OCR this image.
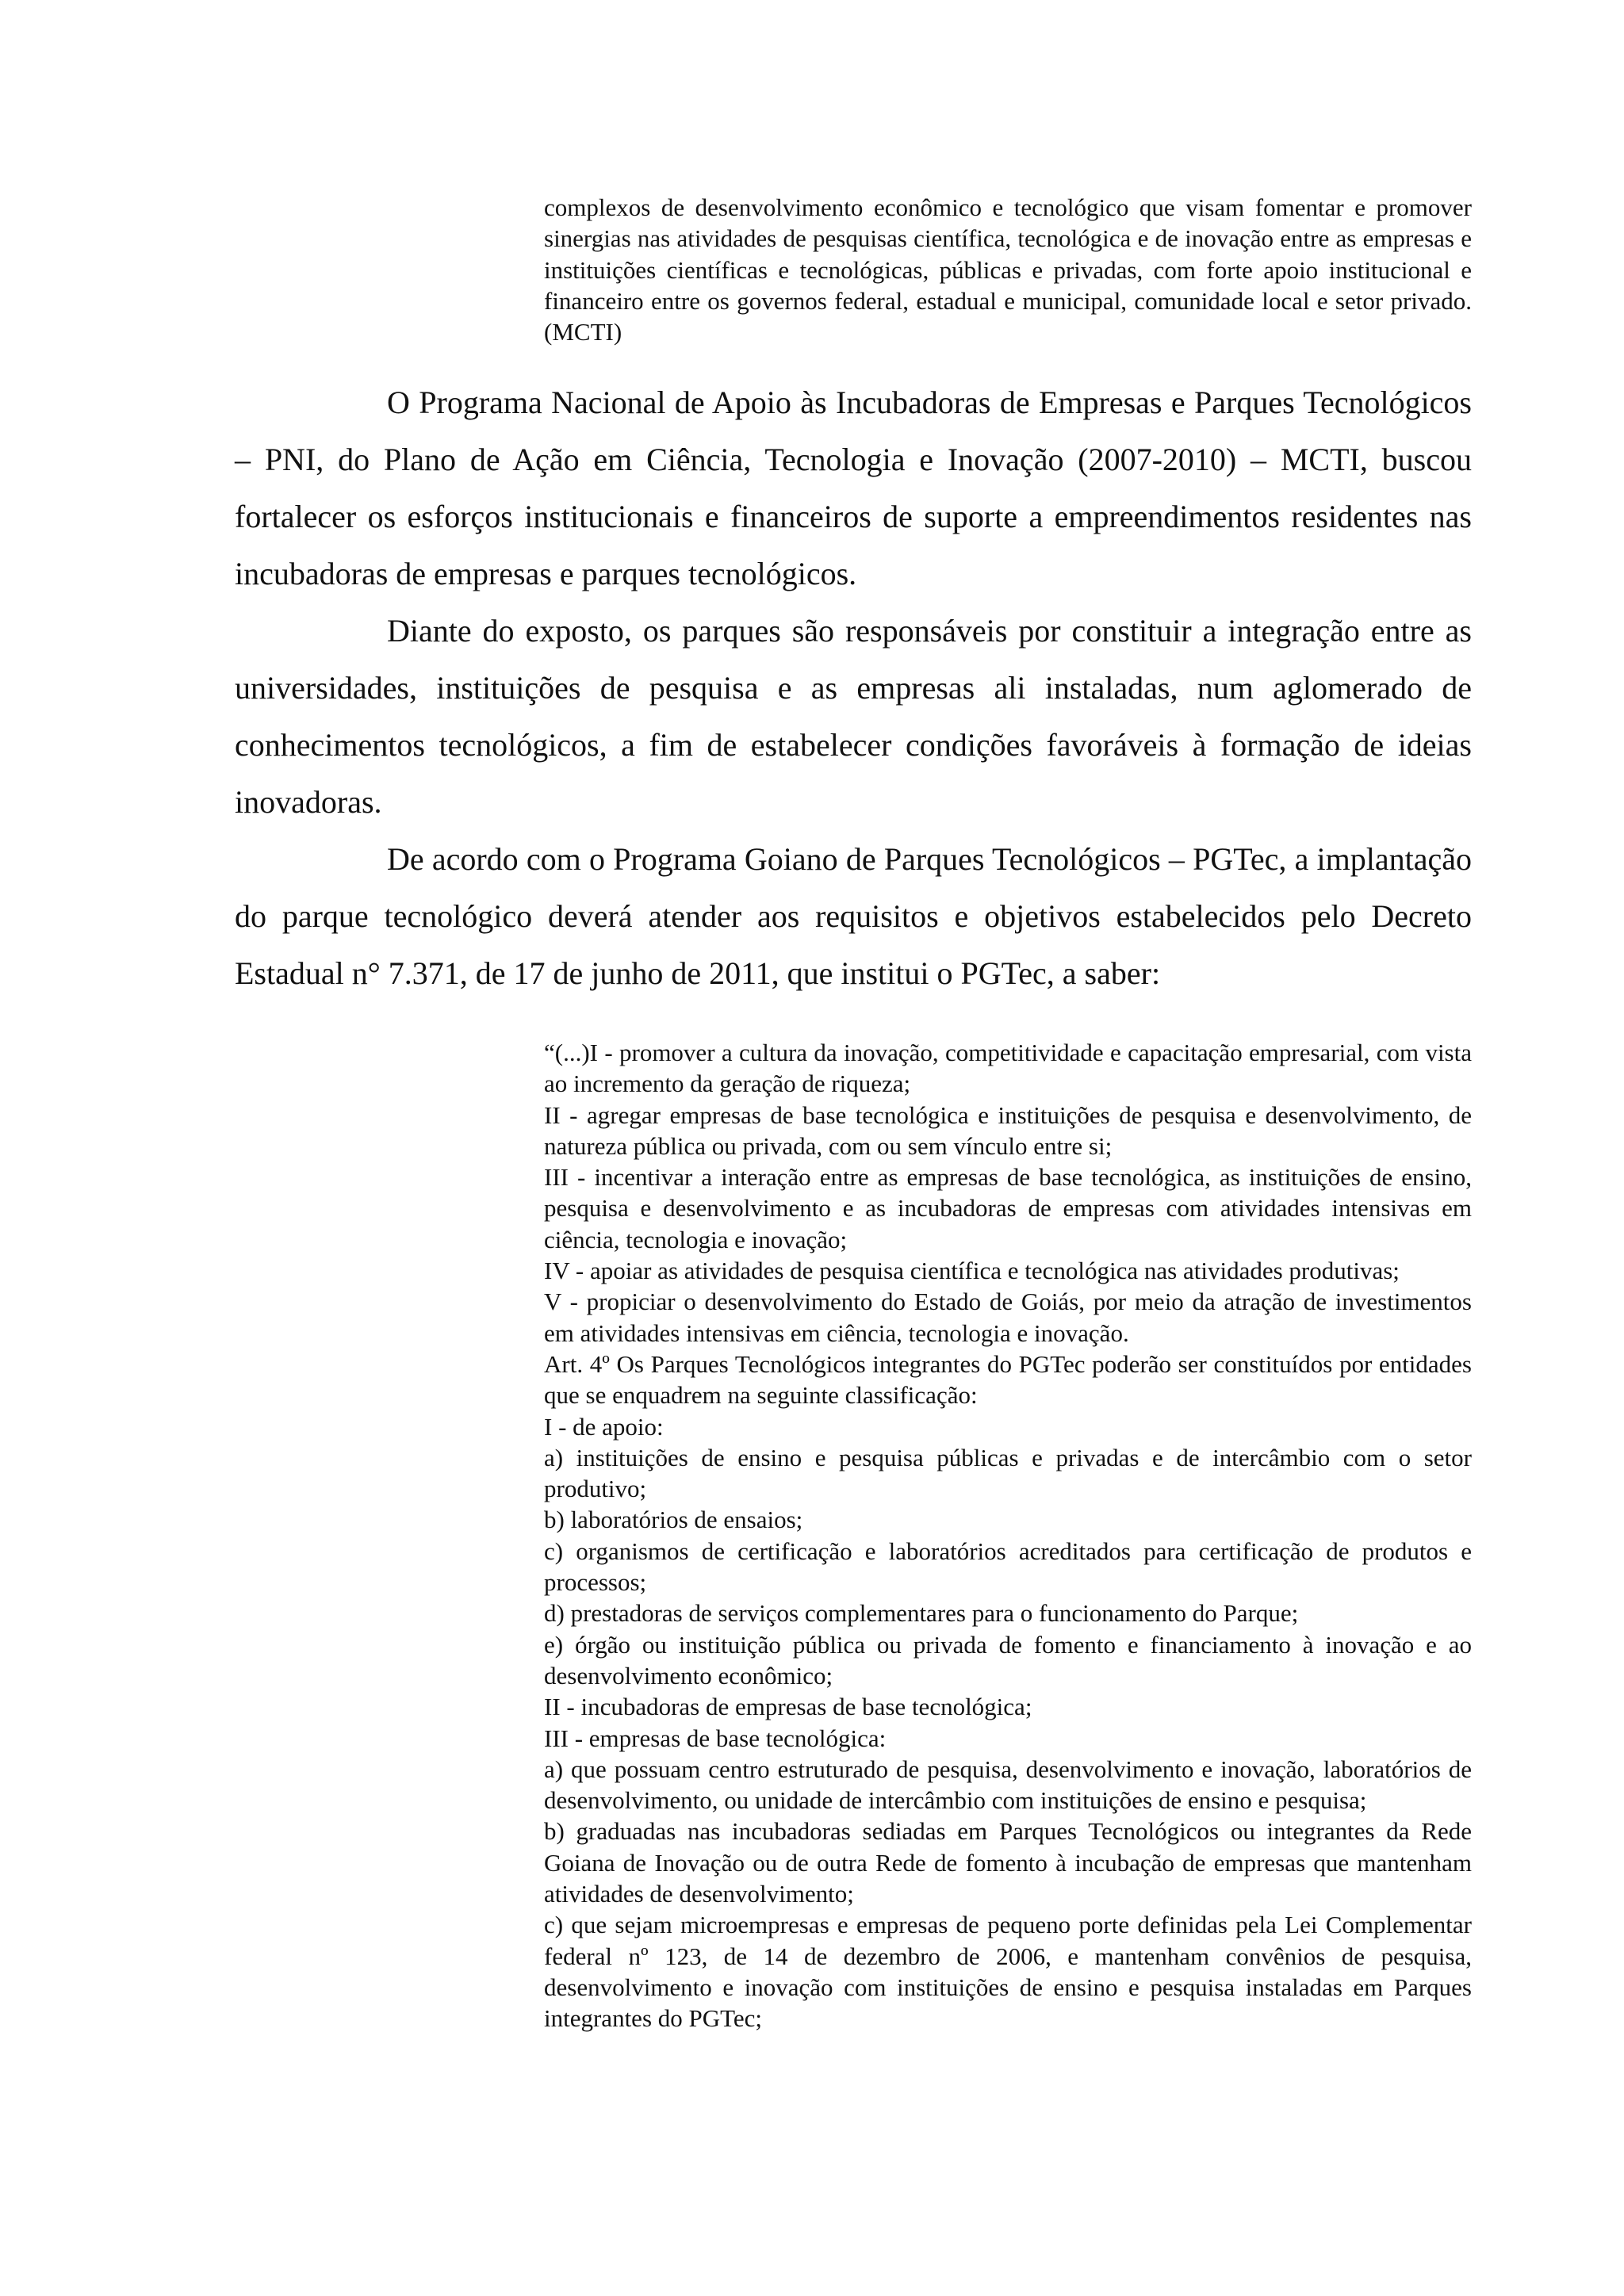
complexos de desenvolvimento econômico e tecnológico que visam fomentar e promover sinergias nas atividades de pesquisas científica, tecnológica e de inovação entre as empresas e instituições científicas e tecnológicas, públicas e privadas, com forte apoio institucional e financeiro entre os governos federal, estadual e municipal, comunidade local e setor privado. (MCTI)

O Programa Nacional de Apoio às Incubadoras de Empresas e Parques Tecnológicos – PNI, do Plano de Ação em Ciência, Tecnologia e Inovação (2007-2010) – MCTI, buscou fortalecer os esforços institucionais e financeiros de suporte a empreendimentos residentes nas incubadoras de empresas e parques tecnológicos.

Diante do exposto, os parques são responsáveis por constituir a integração entre as universidades, instituições de pesquisa e as empresas ali instaladas, num aglomerado de conhecimentos tecnológicos, a fim de estabelecer condições favoráveis à formação de ideias inovadoras.

De acordo com o Programa Goiano de Parques Tecnológicos – PGTec, a implantação do parque tecnológico deverá atender aos requisitos e objetivos estabelecidos pelo Decreto Estadual n° 7.371, de 17 de junho de 2011, que institui o PGTec, a saber:

“(...)I - promover a cultura da inovação, competitividade e capacitação empresarial, com vista ao incremento da geração de riqueza;

II - agregar empresas de base tecnológica e instituições de pesquisa e desenvolvimento, de natureza pública ou privada, com ou sem vínculo entre si;

III - incentivar a interação entre as empresas de base tecnológica, as instituições de ensino, pesquisa e desenvolvimento e as incubadoras de empresas com atividades intensivas em ciência, tecnologia e inovação;

IV - apoiar as atividades de pesquisa científica e tecnológica nas atividades produtivas;

V - propiciar o desenvolvimento do Estado de Goiás, por meio da atração de investimentos em atividades intensivas em ciência, tecnologia e inovação.

Art. 4º Os Parques Tecnológicos integrantes do PGTec poderão ser constituídos por entidades que se enquadrem na seguinte classificação:

I - de apoio:

a) instituições de ensino e pesquisa públicas e privadas e de intercâmbio com o setor produtivo;

b) laboratórios de ensaios;

c) organismos de certificação e laboratórios acreditados para certificação de produtos e processos;

d) prestadoras de serviços complementares para o funcionamento do Parque;

e) órgão ou instituição pública ou privada de fomento e financiamento à inovação e ao desenvolvimento econômico;

II - incubadoras de empresas de base tecnológica;

III - empresas de base tecnológica:

a) que possuam centro estruturado de pesquisa, desenvolvimento e inovação, laboratórios de desenvolvimento, ou unidade de intercâmbio com instituições de ensino e pesquisa;

b) graduadas nas incubadoras sediadas em Parques Tecnológicos ou integrantes da Rede Goiana de Inovação ou de outra Rede de fomento à incubação de empresas que mantenham atividades de desenvolvimento;

c) que sejam microempresas e empresas de pequeno porte definidas pela Lei Complementar federal nº 123, de 14 de dezembro de 2006, e mantenham convênios de pesquisa, desenvolvimento e inovação com instituições de ensino e pesquisa instaladas em Parques integrantes do PGTec;
